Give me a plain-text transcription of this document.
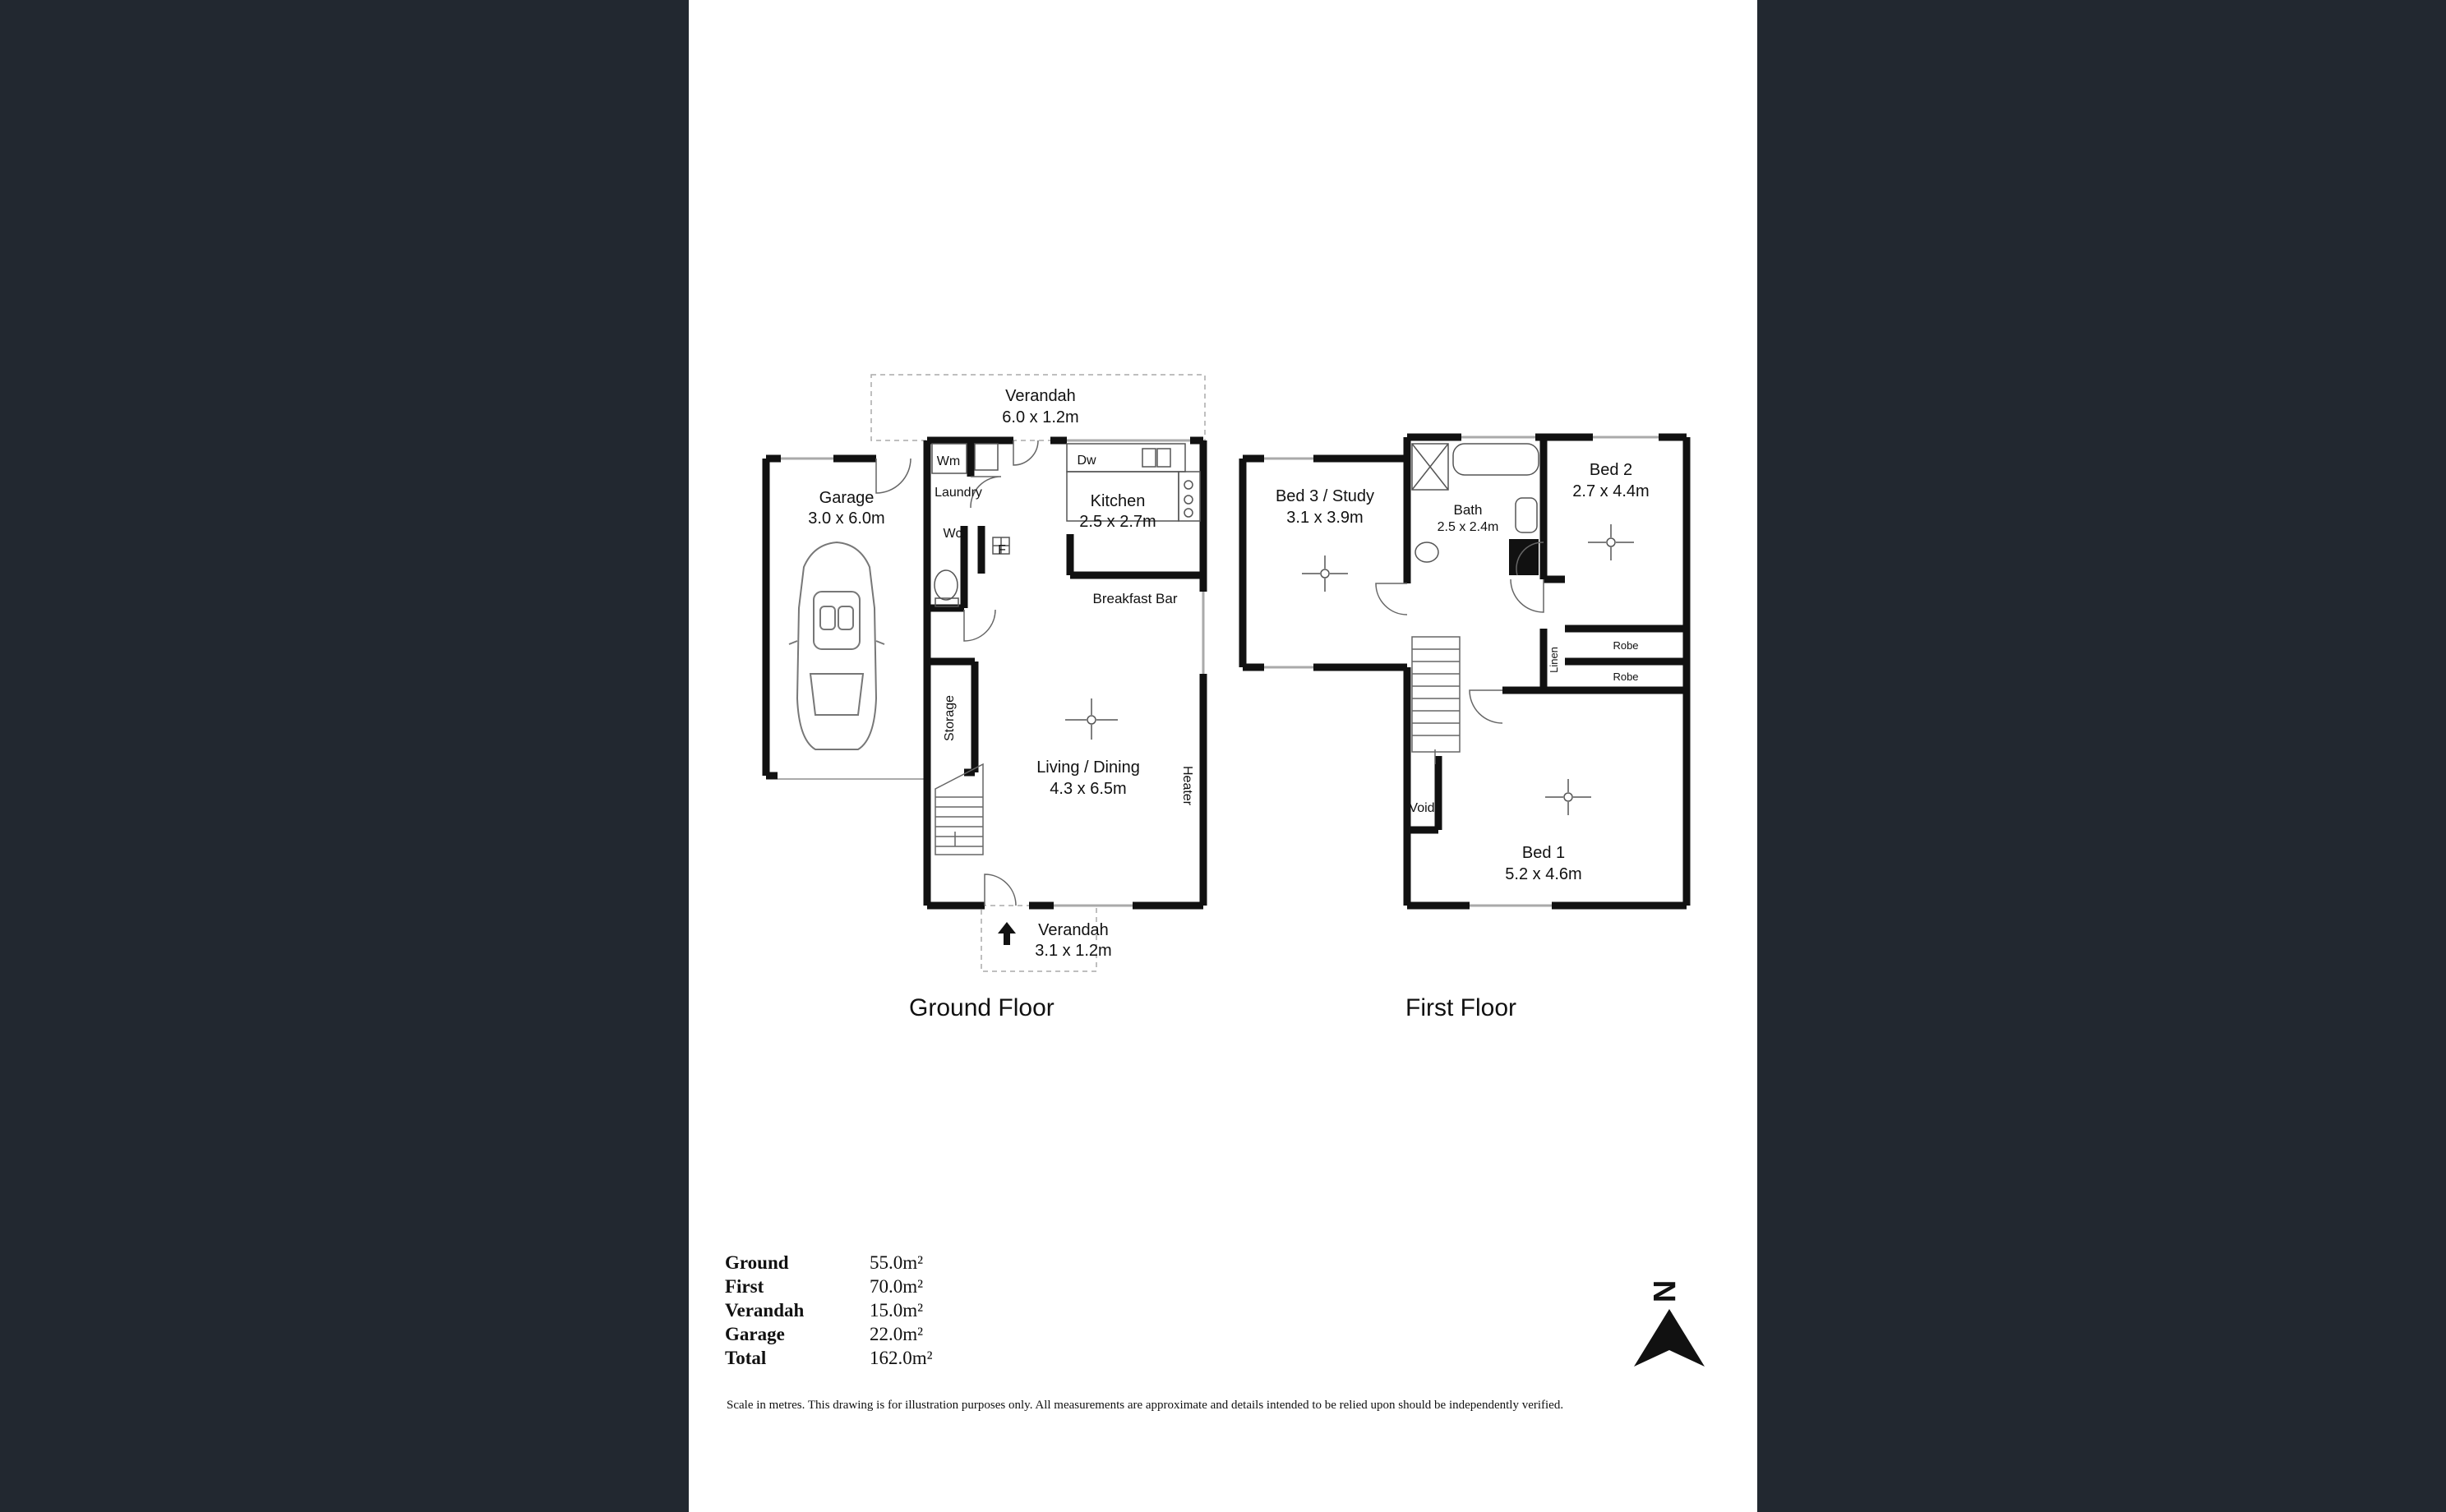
Verandah
6.0 x 1.2m
Garage
3.0 x 6.0m
Kitchen
2.5 x 2.7m
Living / Dining
4.3 x 6.5m
Verandah
3.1 x 1.2m
Wm
Laundry
Wc
Dw
F
Breakfast Bar
Storage
Heater
Bed 3 / Study
3.1 x 3.9m	Bath
2.5 x 2.4m
Bed 2
2.7 x 4.4m
Bed 1
5.2 x 4.6m
Robe
Robe
Linen
Void
Ground Floor	First Floor
Ground	55.0m²
First	70.0m²
Verandah	15.0m²
Garage	22.0m²
Total	162.0m²
N
Scale in metres. This drawing is for illustration purposes only. All measurements are approximate and details intended to be relied upon should be independently verified.
